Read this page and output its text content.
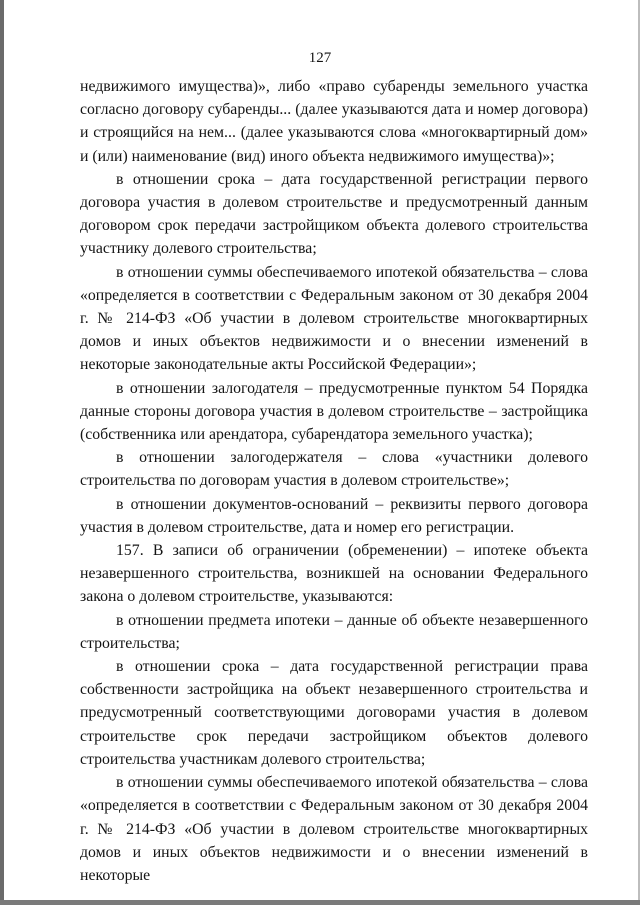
127

недвижимого имущества)», либо «право субаренды земельного участка согласно договору субаренды... (далее указываются дата и номер договора) и строящийся на нем... (далее указываются слова «многоквартирный дом» и (или) наименование (вид) иного объекта недвижимого имущества)»;

в отношении срока – дата государственной регистрации первого договора участия в долевом строительстве и предусмотренный данным договором срок передачи застройщиком объекта долевого строительства участнику долевого строительства;

в отношении суммы обеспечиваемого ипотекой обязательства – слова «определяется в соответствии с Федеральным законом от 30 декабря 2004 г. № 214-ФЗ «Об участии в долевом строительстве многоквартирных домов и иных объектов недвижимости и о внесении изменений в некоторые законодательные акты Российской Федерации»;

в отношении залогодателя – предусмотренные пунктом 54 Порядка данные стороны договора участия в долевом строительстве – застройщика (собственника или арендатора, субарендатора земельного участка);

в отношении залогодержателя – слова «участники долевого строительства по договорам участия в долевом строительстве»;

в отношении документов-оснований – реквизиты первого договора участия в долевом строительстве, дата и номер его регистрации.

157. В записи об ограничении (обременении) – ипотеке объекта незавершенного строительства, возникшей на основании Федерального закона о долевом строительстве, указываются:

в отношении предмета ипотеки – данные об объекте незавершенного строительства;

в отношении срока – дата государственной регистрации права собственности застройщика на объект незавершенного строительства и предусмотренный соответствующими договорами участия в долевом строительстве срок передачи застройщиком объектов долевого строительства участникам долевого строительства;

в отношении суммы обеспечиваемого ипотекой обязательства – слова «определяется в соответствии с Федеральным законом от 30 декабря 2004 г. № 214-ФЗ «Об участии в долевом строительстве многоквартирных домов и иных объектов недвижимости и о внесении изменений в некоторые
